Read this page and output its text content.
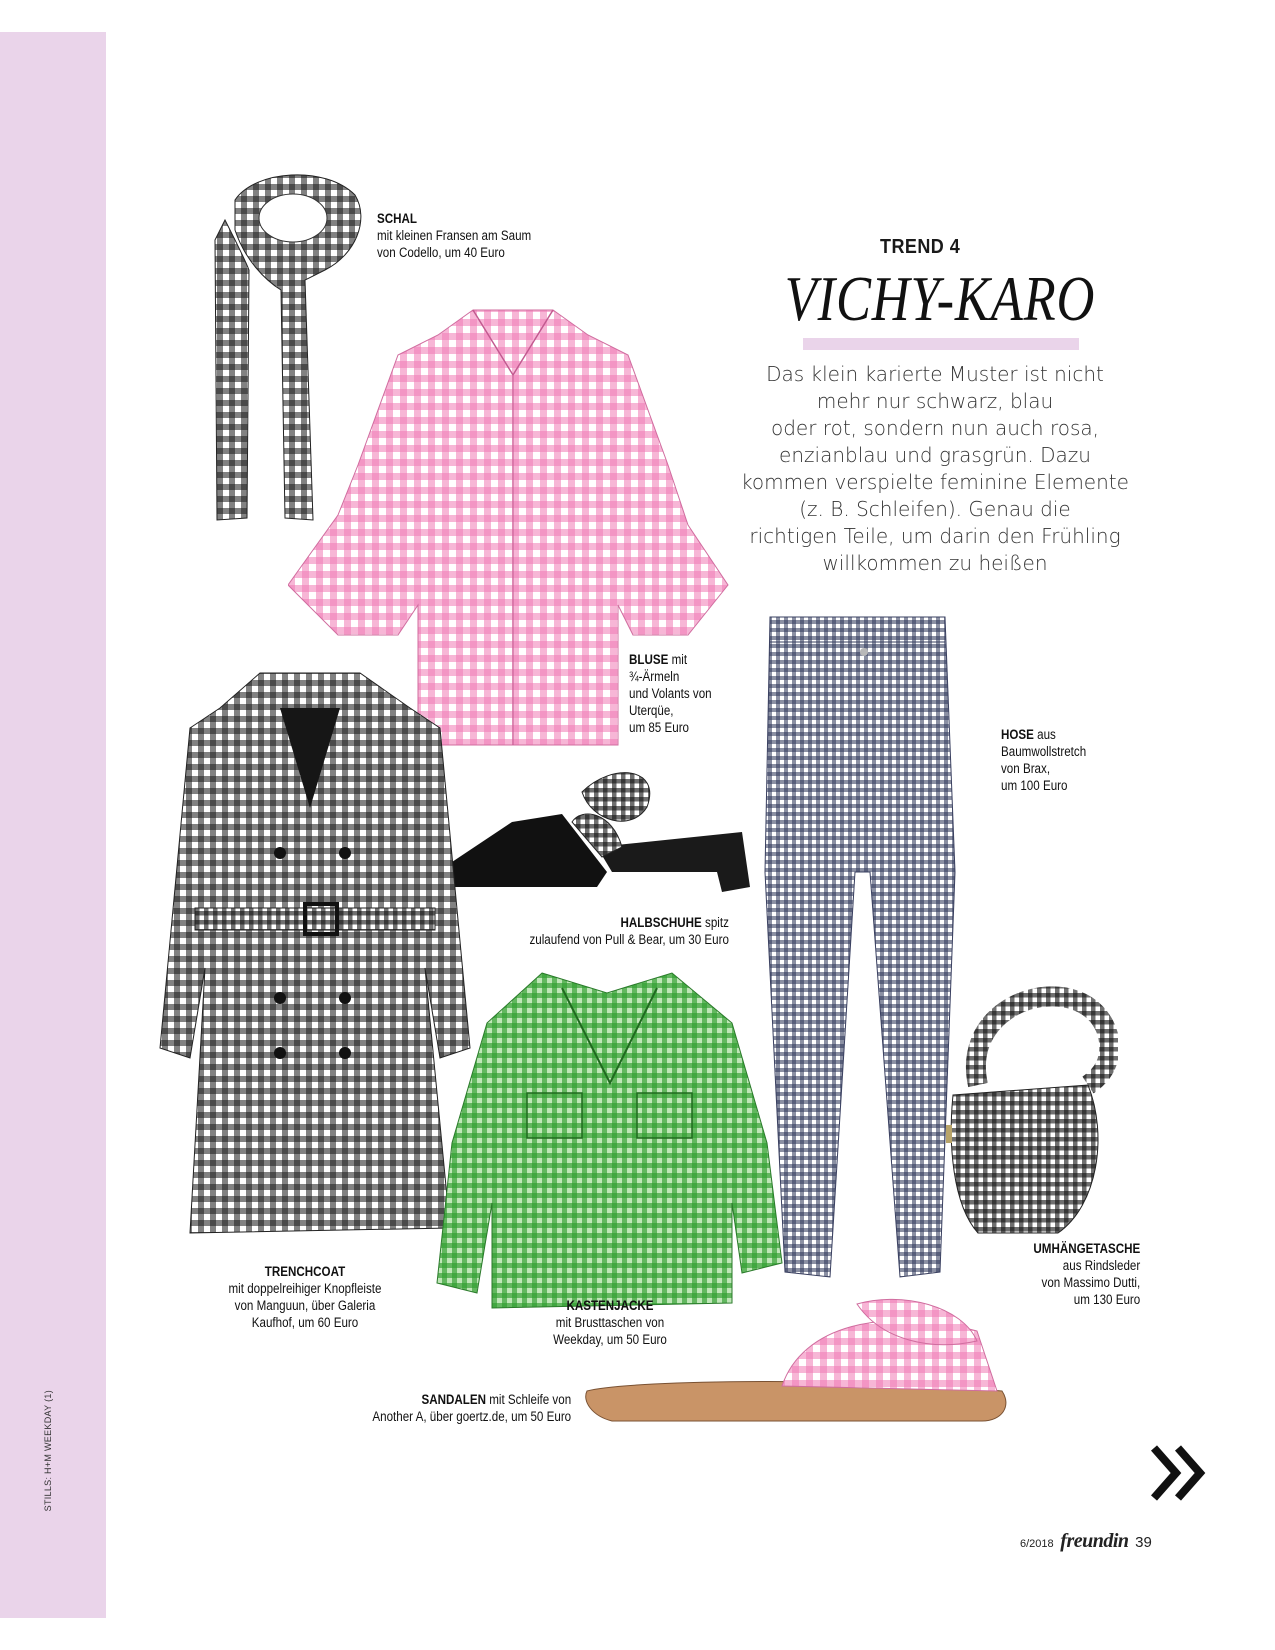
STILLS: H+M WEEKDAY (1)
SCHAL
mit kleinen Fransen am Saum
von Codello, um 40 Euro
BLUSE mit
¾-Ärmeln
und Volants von
Uterqüe,
um 85 Euro
TREND 4
VICHY-KARO
Das klein karierte Muster ist nicht
mehr nur schwarz, blau
oder rot, sondern nun auch rosa,
enzianblau und grasgrün. Dazu
kommen verspielte feminine Elemente
(z. B. Schleifen). Genau die
richtigen Teile, um darin den Frühling
willkommen zu heißen
HOSE aus
Baumwollstretch
von Brax,
um 100 Euro
HALBSCHUHE spitz
zulaufend von Pull & Bear, um 30 Euro
TRENCHCOAT
mit doppelreihiger Knopfleiste
von Manguun, über Galeria
Kaufhof, um 60 Euro
KASTENJACKE
mit Brusttaschen von
Weekday, um 50 Euro
UMHÄNGETASCHE
aus Rindsleder
von Massimo Dutti,
um 130 Euro
SANDALEN mit Schleife von
Another A, über goertz.de, um 50 Euro
6/2018 freundin 39
